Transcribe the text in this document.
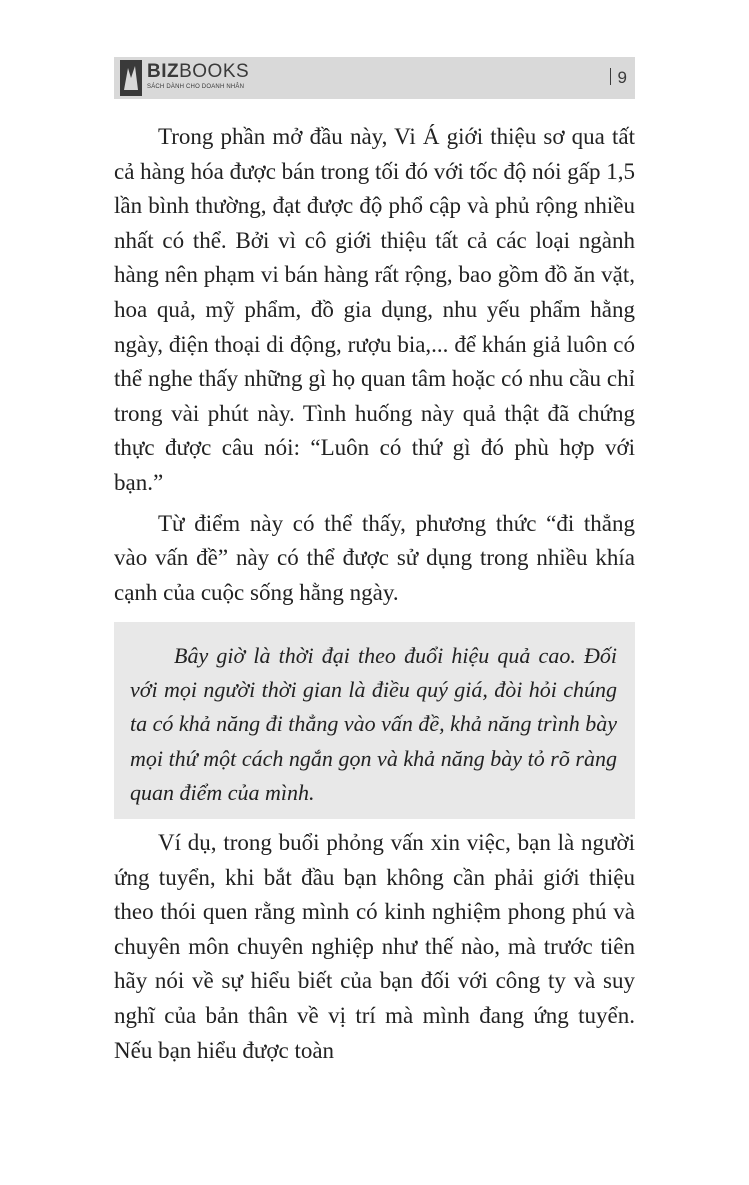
BIZBOOKS
SÁCH DÀNH CHO DOANH NHÂN	9

Trong phần mở đầu này, Vi Á giới thiệu sơ qua tất cả hàng hóa được bán trong tối đó với tốc độ nói gấp 1,5 lần bình thường, đạt được độ phổ cập và phủ rộng nhiều nhất có thể. Bởi vì cô giới thiệu tất cả các loại ngành hàng nên phạm vi bán hàng rất rộng, bao gồm đồ ăn vặt, hoa quả, mỹ phẩm, đồ gia dụng, nhu yếu phẩm hằng ngày, điện thoại di động, rượu bia,... để khán giả luôn có thể nghe thấy những gì họ quan tâm hoặc có nhu cầu chỉ trong vài phút này. Tình huống này quả thật đã chứng thực được câu nói: “Luôn có thứ gì đó phù hợp với bạn.”

Từ điểm này có thể thấy, phương thức “đi thẳng vào vấn đề” này có thể được sử dụng trong nhiều khía cạnh của cuộc sống hằng ngày.

Bây giờ là thời đại theo đuổi hiệu quả cao. Đối với mọi người thời gian là điều quý giá, đòi hỏi chúng ta có khả năng đi thẳng vào vấn đề, khả năng trình bày mọi thứ một cách ngắn gọn và khả năng bày tỏ rõ ràng quan điểm của mình.

Ví dụ, trong buổi phỏng vấn xin việc, bạn là người ứng tuyển, khi bắt đầu bạn không cần phải giới thiệu theo thói quen rằng mình có kinh nghiệm phong phú và chuyên môn chuyên nghiệp như thế nào, mà trước tiên hãy nói về sự hiểu biết của bạn đối với công ty và suy nghĩ của bản thân về vị trí mà mình đang ứng tuyển. Nếu bạn hiểu được toàn
